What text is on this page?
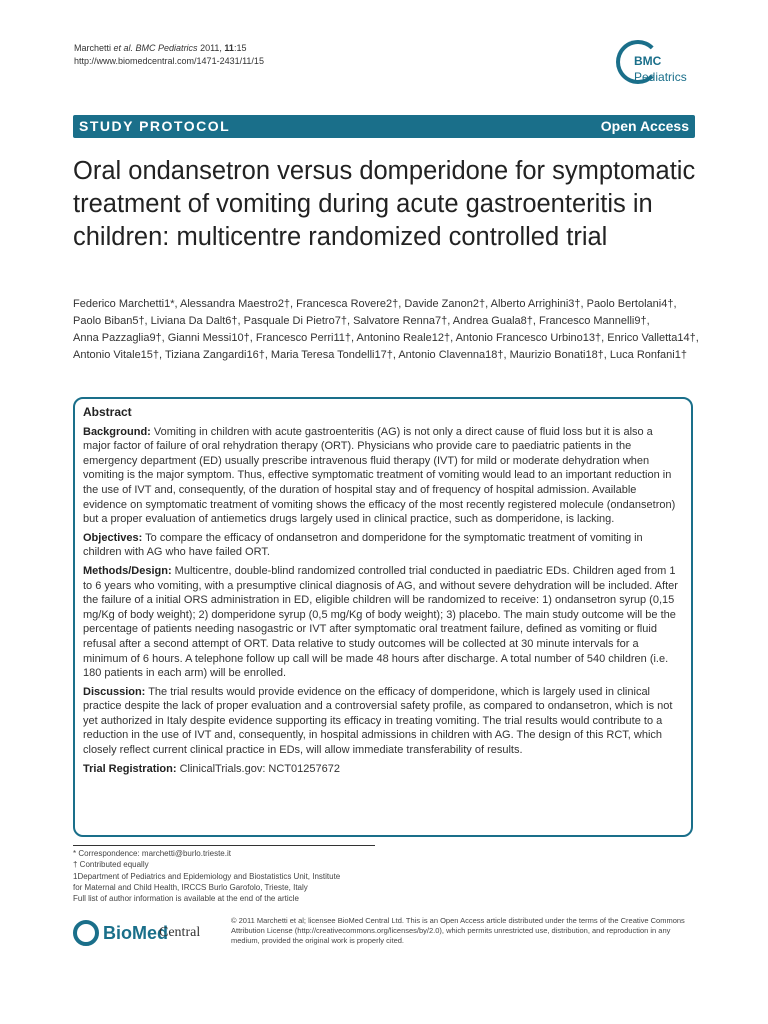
Marchetti et al. BMC Pediatrics 2011, 11:15
http://www.biomedcentral.com/1471-2431/11/15	BMC
Pediatrics
STUDY PROTOCOL	Open Access
Oral ondansetron versus domperidone for symptomatic treatment of vomiting during acute gastroenteritis in children: multicentre randomized controlled trial
Federico Marchetti1*, Alessandra Maestro2†, Francesca Rovere2†, Davide Zanon2†, Alberto Arrighini3†, Paolo Bertolani4†,
Paolo Biban5†, Liviana Da Dalt6†, Pasquale Di Pietro7†, Salvatore Renna7†, Andrea Guala8†, Francesco Mannelli9†,
Anna Pazzaglia9†, Gianni Messi10†, Francesco Perri11†, Antonino Reale12†, Antonio Francesco Urbino13†, Enrico Valletta14†,
Antonio Vitale15†, Tiziana Zangardi16†, Maria Teresa Tondelli17†, Antonio Clavenna18†, Maurizio Bonati18†, Luca Ronfani1†
Abstract

Background: Vomiting in children with acute gastroenteritis (AG) is not only a direct cause of fluid loss but it is also a major factor of failure of oral rehydration therapy (ORT). Physicians who provide care to paediatric patients in the emergency department (ED) usually prescribe intravenous fluid therapy (IVT) for mild or moderate dehydration when vomiting is the major symptom. Thus, effective symptomatic treatment of vomiting would lead to an important reduction in the use of IVT and, consequently, of the duration of hospital stay and of frequency of hospital admission. Available evidence on symptomatic treatment of vomiting shows the efficacy of the most recently registered molecule (ondansetron) but a proper evaluation of antiemetics drugs largely used in clinical practice, such as domperidone, is lacking.

Objectives: To compare the efficacy of ondansetron and domperidone for the symptomatic treatment of vomiting in children with AG who have failed ORT.

Methods/Design: Multicentre, double-blind randomized controlled trial conducted in paediatric EDs. Children aged from 1 to 6 years who vomiting, with a presumptive clinical diagnosis of AG, and without severe dehydration will be included. After the failure of a initial ORS administration in ED, eligible children will be randomized to receive: 1) ondansetron syrup (0,15 mg/Kg of body weight); 2) domperidone syrup (0,5 mg/Kg of body weight); 3) placebo. The main study outcome will be the percentage of patients needing nasogastric or IVT after symptomatic oral treatment failure, defined as vomiting or fluid refusal after a second attempt of ORT. Data relative to study outcomes will be collected at 30 minute intervals for a minimum of 6 hours. A telephone follow up call will be made 48 hours after discharge. A total number of 540 children (i.e. 180 patients in each arm) will be enrolled.

Discussion: The trial results would provide evidence on the efficacy of domperidone, which is largely used in clinical practice despite the lack of proper evaluation and a controversial safety profile, as compared to ondansetron, which is not yet authorized in Italy despite evidence supporting its efficacy in treating vomiting. The trial results would contribute to a reduction in the use of IVT and, consequently, in hospital admissions in children with AG. The design of this RCT, which closely reflect current clinical practice in EDs, will allow immediate transferability of results.

Trial Registration: ClinicalTrials.gov: NCT01257672

* Correspondence: marchetti@burlo.trieste.it
† Contributed equally
1Department of Pediatrics and Epidemiology and Biostatistics Unit, Institute
for Maternal and Child Health, IRCCS Burlo Garofolo, Trieste, Italy
Full list of author information is available at the end of the article
BioMed
Central
© 2011 Marchetti et al; licensee BioMed Central Ltd. This is an Open Access article distributed under the terms of the Creative Commons Attribution License (http://creativecommons.org/licenses/by/2.0), which permits unrestricted use, distribution, and reproduction in any medium, provided the original work is properly cited.
